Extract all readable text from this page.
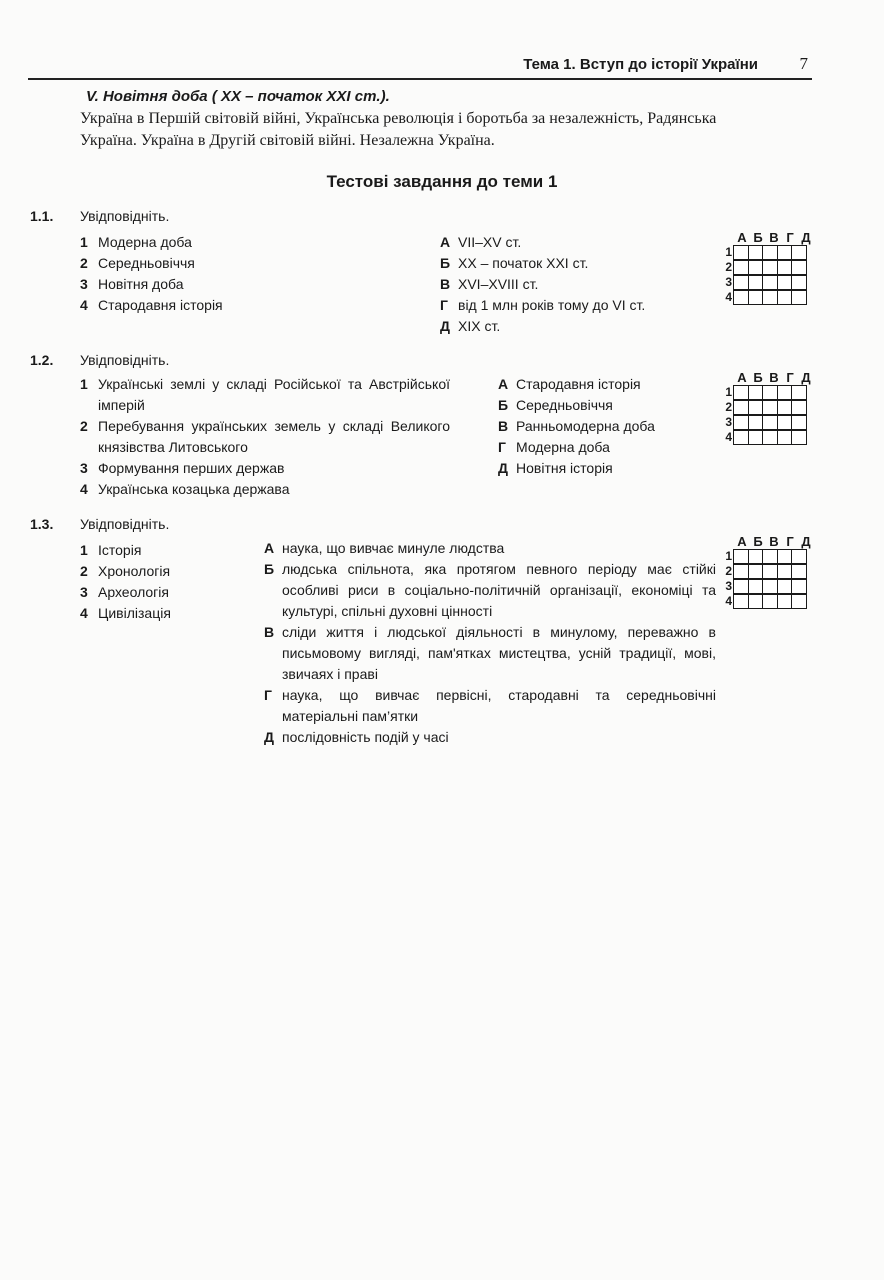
Тема 1. Вступ до історії України 7
V. Новітня доба ( XX – початок XXI cm.).
Україна в Першій світовій війні, Українська революція і боротьба за незалежність, Радянська Україна. Україна в Другій світовій війні. Незалежна Україна.
Тестові завдання до теми 1
1.1. Увідповідніть.
1 Модерна доба
2 Середньовіччя
3 Новітня доба
4 Стародавня історія
А VII–XV ст.
Б XX – початок XXI ст.
В XVI–XVIII ст.
Г від 1 млн років тому до VI ст.
Д XIX ст.
А Б В Г Д
1
2
3
4
1.2. Увідповідніть.
1 Українські землі у складі Російської та Австрійської імперій
2 Перебування українських земель у складі Великого князівства Литовського
3 Формування перших держав
4 Українська козацька держава
А Стародавня історія
Б Середньовіччя
В Ранньомодерна доба
Г Модерна доба
Д Новітня історія
А Б В Г Д
1
2
3
4
1.3. Увідповідніть.
1 Історія
2 Хронологія
3 Археологія
4 Цивілізація
А наука, що вивчає минуле людства
Б людська спільнота, яка протягом певного періоду має стійкі особливі риси в соціально-політичній організації, економіці та культурі, спільні духовні цінності
В сліди життя і людської діяльності в минулому, переважно в письмовому вигляді, пам'ятках мистецтва, усній традиції, мові, звичаях і праві
Г наука, що вивчає первісні, стародавні та середньовічні матеріальні пам’ятки
Д послідовність подій у часі
А Б В Г Д
1
2
3
4
